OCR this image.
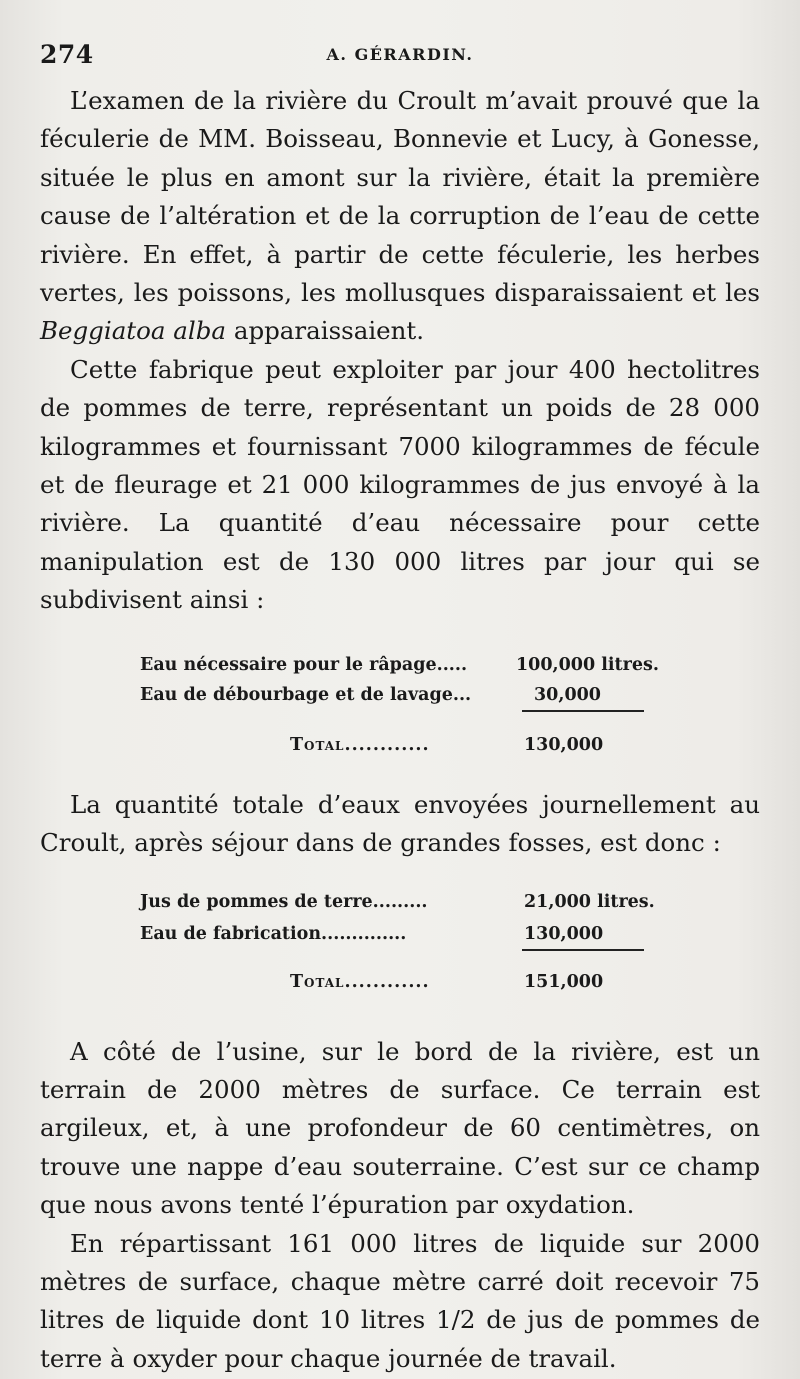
274	A. GÉRARDIN.

L’examen de la rivière du Croult m’avait prouvé que la féculerie de MM. Boisseau, Bonnevie et Lucy, à Gonesse, située le plus en amont sur la rivière, était la première cause de l’altération et de la corruption de l’eau de cette rivière. En effet, à partir de cette féculerie, les herbes vertes, les poissons, les mollusques disparaissaient et les Beggiatoa alba apparaissaient.

Cette fabrique peut exploiter par jour 400 hectolitres de pommes de terre, représentant un poids de 28 000 kilogrammes et fournissant 7000 kilogrammes de fécule et de fleurage et 21 000 kilogrammes de jus envoyé à la rivière. La quantité d’eau nécessaire pour cette manipulation est de 130 000 litres par jour qui se subdivisent ainsi :

Eau nécessaire pour le râpage.....	100,000 litres.
Eau de débourbage et de lavage...	30,000
Total............	130,000

La quantité totale d’eaux envoyées journellement au Croult, après séjour dans de grandes fosses, est donc :

Jus de pommes de terre.........	21,000 litres.
Eau de fabrication..............	130,000
Total............	151,000

A côté de l’usine, sur le bord de la rivière, est un terrain de 2000 mètres de surface. Ce terrain est argileux, et, à une profondeur de 60 centimètres, on trouve une nappe d’eau souterraine. C’est sur ce champ que nous avons tenté l’épuration par oxydation.

En répartissant 161 000 litres de liquide sur 2000 mètres de surface, chaque mètre carré doit recevoir 75 litres de liquide dont 10 litres 1/2 de jus de pommes de terre à oxyder pour chaque journée de travail.
